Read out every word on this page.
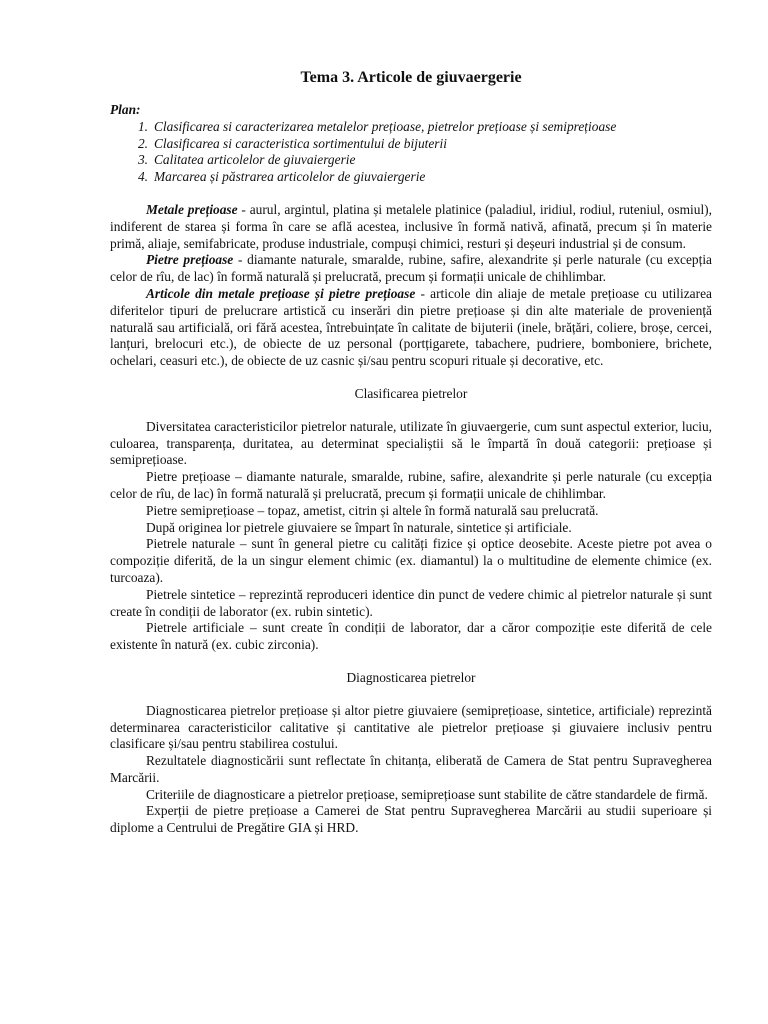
Tema 3. Articole de giuvaergerie
Plan:
1. Clasificarea si caracterizarea metalelor prețioase, pietrelor prețioase și semiprețioase
2. Clasificarea si caracteristica sortimentului de bijuterii
3. Calitatea articolelor de giuvaiergerie
4. Marcarea și păstrarea articolelor de giuvaiergerie

Metale prețioase - aurul, argintul, platina și metalele platinice (paladiul, iridiul, rodiul, ruteniul, osmiul), indiferent de starea și forma în care se află acestea, inclusive în formă nativă, afinată, precum și în materie primă, aliaje, semifabricate, produse industriale, compuși chimici, resturi și deșeuri industrial și de consum.

Pietre prețioase - diamante naturale, smaralde, rubine, safire, alexandrite și perle naturale (cu excepția celor de rîu, de lac) în formă naturală și prelucrată, precum și formații unicale de chihlimbar.

Articole din metale prețioase și pietre prețioase - articole din aliaje de metale prețioase cu utilizarea diferitelor tipuri de prelucrare artistică cu inserări din pietre prețioase și din alte materiale de proveniență naturală sau artificială, ori fără acestea, întrebuințate în calitate de bijuterii (inele, brățări, coliere, broșe, cercei, lanțuri, brelocuri etc.), de obiecte de uz personal (portțigarete, tabachere, pudriere, bomboniere, brichete, ochelari, ceasuri etc.), de obiecte de uz casnic și/sau pentru scopuri rituale și decorative, etc.

Clasificarea pietrelor

Diversitatea caracteristicilor pietrelor naturale, utilizate în giuvaergerie, cum sunt aspectul exterior, luciu, culoarea, transparența, duritatea, au determinat specialiștii să le împartă în două categorii: prețioase și semiprețioase.

Pietre prețioase – diamante naturale, smaralde, rubine, safire, alexandrite și perle naturale (cu excepția celor de rîu, de lac) în formă naturală și prelucrată, precum și formații unicale de chihlimbar.

Pietre semiprețioase – topaz, ametist, citrin și altele în formă naturală sau prelucrată.

După originea lor pietrele giuvaiere se împart în naturale, sintetice și artificiale.

Pietrele naturale – sunt în general pietre cu calități fizice și optice deosebite. Aceste pietre pot avea o compoziție diferită, de la un singur element chimic (ex. diamantul) la o multitudine de elemente chimice (ex. turcoaza).

Pietrele sintetice – reprezintă reproduceri identice din punct de vedere chimic al pietrelor naturale și sunt create în condiții de laborator (ex. rubin sintetic).

Pietrele artificiale – sunt create în condiții de laborator, dar a căror compoziție este diferită de cele existente în natură (ex. cubic zirconia).

Diagnosticarea pietrelor

Diagnosticarea pietrelor prețioase și altor pietre giuvaiere (semiprețioase, sintetice, artificiale) reprezintă determinarea caracteristicilor calitative și cantitative ale pietrelor prețioase și giuvaiere inclusiv pentru clasificare și/sau pentru stabilirea costului.

Rezultatele diagnosticării sunt reflectate în chitanța, eliberată de Camera de Stat pentru Supravegherea Marcării.

Criteriile de diagnosticare a pietrelor prețioase, semiprețioase sunt stabilite de către standardele de firmă.

Experții de pietre prețioase a Camerei de Stat pentru Supravegherea Marcării au studii superioare și diplome a Centrului de Pregătire GIA și HRD.
